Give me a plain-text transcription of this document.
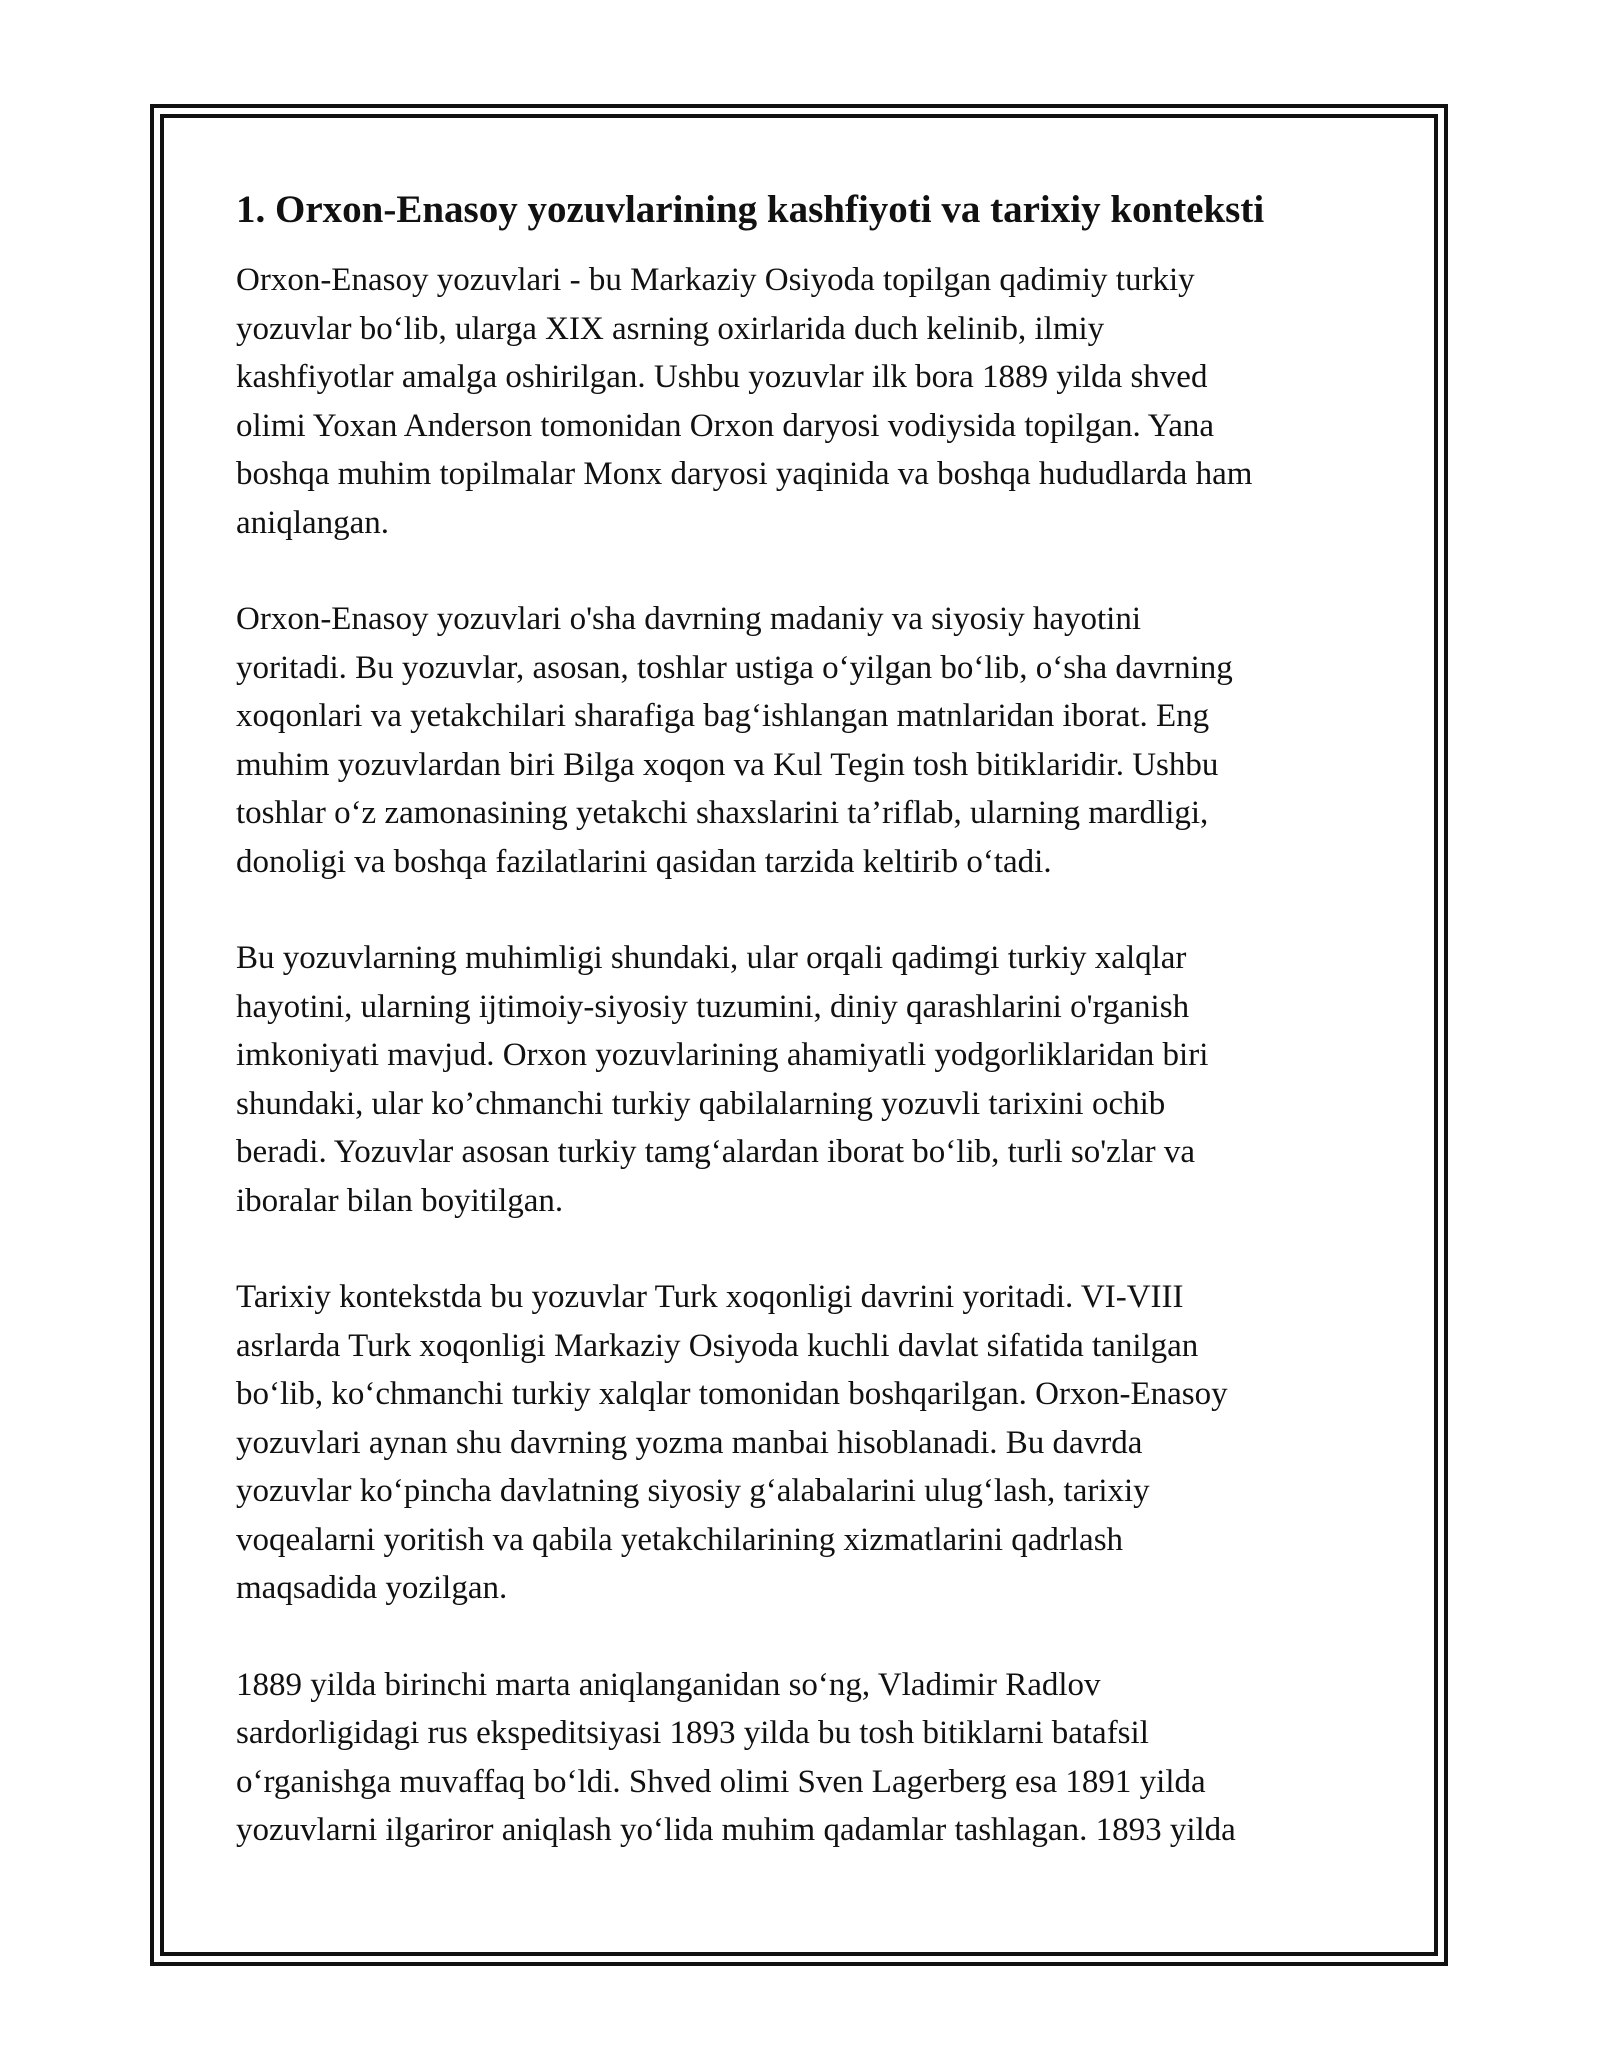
1. Orxon-Enasoy yozuvlarining kashfiyoti va tarixiy konteksti

Orxon-Enasoy yozuvlari - bu Markaziy Osiyoda topilgan qadimiy turkiy
yozuvlar bo‘lib, ularga XIX asrning oxirlarida duch kelinib, ilmiy
kashfiyotlar amalga oshirilgan. Ushbu yozuvlar ilk bora 1889 yilda shved
olimi Yoxan Anderson tomonidan Orxon daryosi vodiysida topilgan. Yana
boshqa muhim topilmalar Monx daryosi yaqinida va boshqa hududlarda ham
aniqlangan.

Orxon-Enasoy yozuvlari o'sha davrning madaniy va siyosiy hayotini
yoritadi. Bu yozuvlar, asosan, toshlar ustiga o‘yilgan bo‘lib, o‘sha davrning
xoqonlari va yetakchilari sharafiga bag‘ishlangan matnlaridan iborat. Eng
muhim yozuvlardan biri Bilga xoqon va Kul Tegin tosh bitiklaridir. Ushbu
toshlar o‘z zamonasining yetakchi shaxslarini ta’riflab, ularning mardligi,
donoligi va boshqa fazilatlarini qasidan tarzida keltirib o‘tadi.

Bu yozuvlarning muhimligi shundaki, ular orqali qadimgi turkiy xalqlar
hayotini, ularning ijtimoiy-siyosiy tuzumini, diniy qarashlarini o'rganish
imkoniyati mavjud. Orxon yozuvlarining ahamiyatli yodgorliklaridan biri
shundaki, ular ko’chmanchi turkiy qabilalarning yozuvli tarixini ochib
beradi. Yozuvlar asosan turkiy tamg‘alardan iborat bo‘lib, turli so'zlar va
iboralar bilan boyitilgan.

Tarixiy kontekstda bu yozuvlar Turk xoqonligi davrini yoritadi. VI-VIII
asrlarda Turk xoqonligi Markaziy Osiyoda kuchli davlat sifatida tanilgan
bo‘lib, ko‘chmanchi turkiy xalqlar tomonidan boshqarilgan. Orxon-Enasoy
yozuvlari aynan shu davrning yozma manbai hisoblanadi. Bu davrda
yozuvlar ko‘pincha davlatning siyosiy g‘alabalarini ulug‘lash, tarixiy
voqealarni yoritish va qabila yetakchilarining xizmatlarini qadrlash
maqsadida yozilgan.

1889 yilda birinchi marta aniqlanganidan so‘ng, Vladimir Radlov
sardorligidagi rus ekspeditsiyasi 1893 yilda bu tosh bitiklarni batafsil
o‘rganishga muvaffaq bo‘ldi. Shved olimi Sven Lagerberg esa 1891 yilda
yozuvlarni ilgariror aniqlash yo‘lida muhim qadamlar tashlagan. 1893 yilda
